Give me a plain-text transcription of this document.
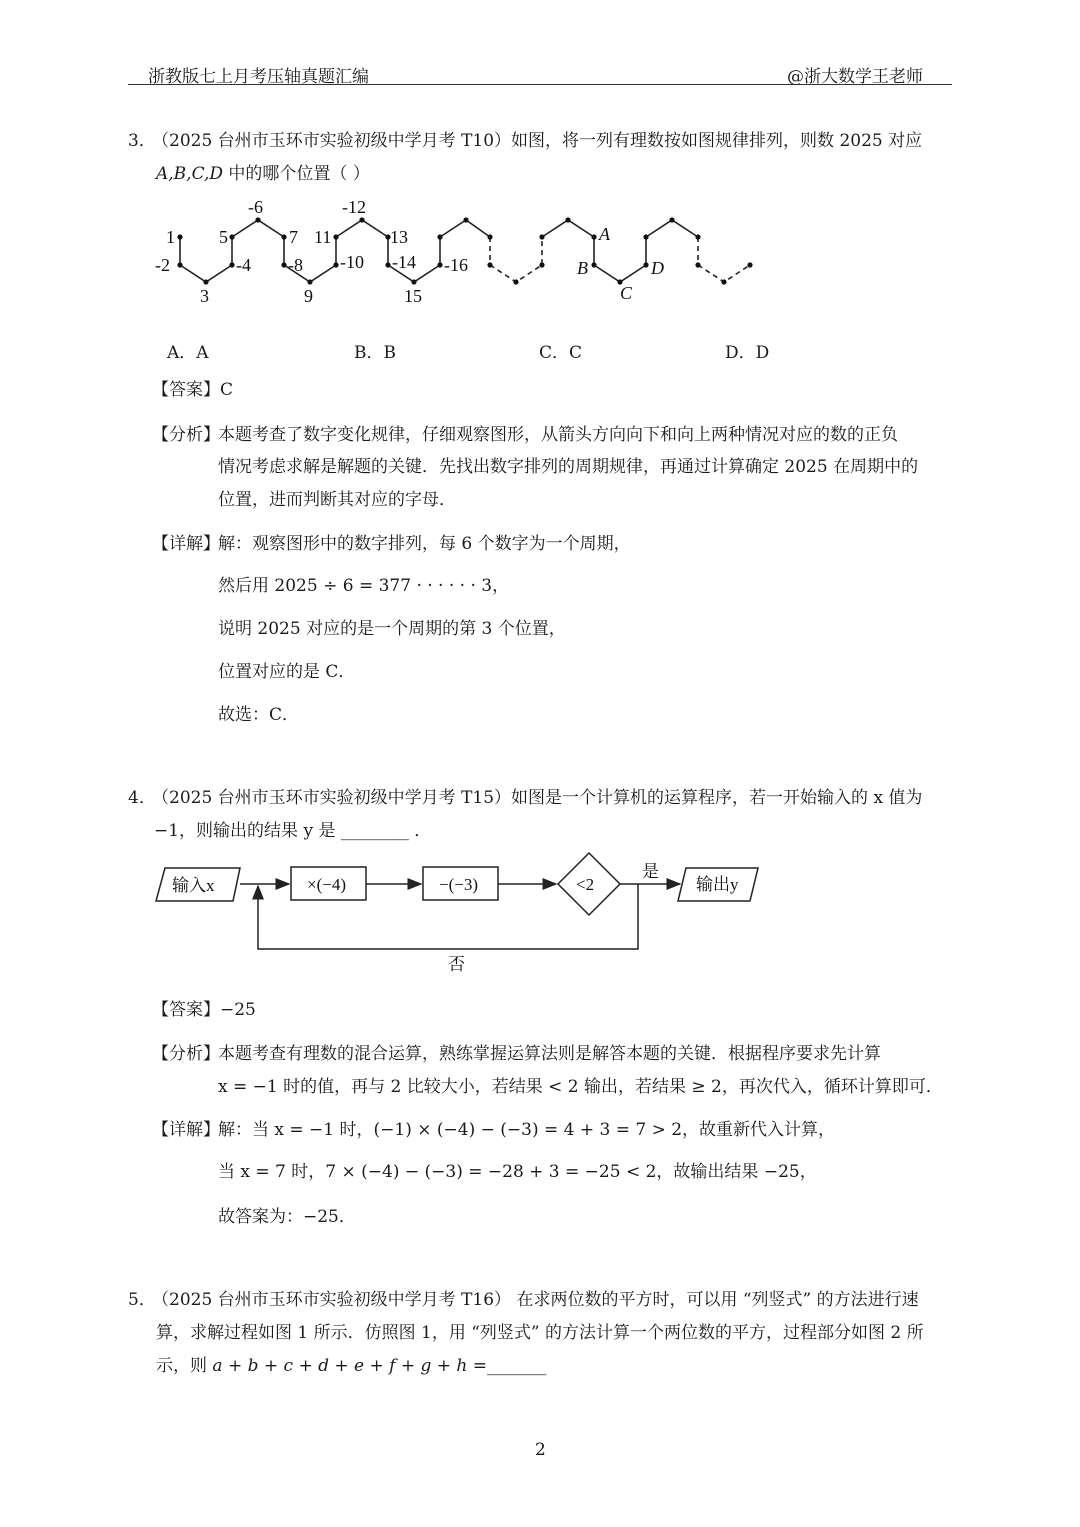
浙教版七上月考压轴真题汇编	@浙大数学王老师
3．
（2025 台州市玉环市实验初级中学月考 T10）如图，将一列有理数按如图规律排列，则数 2025 对应
A,B,C,D 中的哪个位置（ ）
1
-2
3
-4
5
-6
7
-8
9
-10
11
-12
13
-14
15
-16
A
B
C
D
A．A	B．B	C．C	D．D
【答案】C
【分析】
本题考查了数字变化规律，仔细观察图形，从箭头方向向下和向上两种情况对应的数的正负
情况考虑求解是解题的关键．先找出数字排列的周期规律，再通过计算确定 2025 在周期中的
位置，进而判断其对应的字母．
【详解】
解：观察图形中的数字排列，每 6 个数字为一个周期，
然后用 2025 ÷ 6 = 377 · · · · · · 3，
说明 2025 对应的是一个周期的第 3 个位置，
位置对应的是 C．
故选：C．
4．
（2025 台州市玉环市实验初级中学月考 T15）如图是一个计算机的运算程序，若一开始输入的 x 值为
−1，则输出的结果 y 是 ________ ．
输入x	×(−4)	−(−3)	<2
是
否
输出y
【答案】−25
【分析】
本题考查有理数的混合运算，熟练掌握运算法则是解答本题的关键．根据程序要求先计算
x = −1 时的值，再与 2 比较大小，若结果 < 2 输出，若结果 ≥ 2，再次代入，循环计算即可．
【详解】
解：当 x = −1 时，(−1) × (−4) − (−3) = 4 + 3 = 7 > 2，故重新代入计算，
当 x = 7 时，7 × (−4) − (−3) = −28 + 3 = −25 < 2，故输出结果 −25，
故答案为：−25．
5．
（2025 台州市玉环市实验初级中学月考 T16） 在求两位数的平方时，可以用 “列竖式” 的方法进行速
算，求解过程如图 1 所示．仿照图 1，用 “列竖式” 的方法计算一个两位数的平方，过程部分如图 2 所
示，则 a + b + c + d + e + f + g + h =_______
2
